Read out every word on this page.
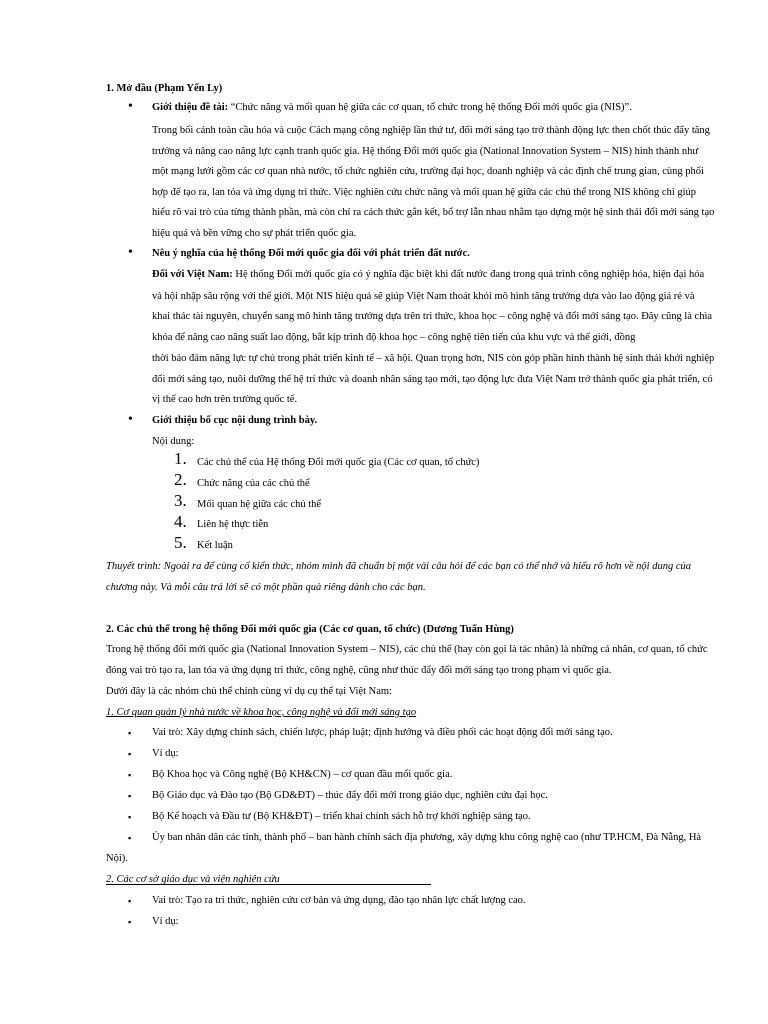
1. Mở đầu (Phạm Yến Ly)
• Giới thiệu đề tài: “Chức năng và mối quan hệ giữa các cơ quan, tổ chức trong hệ thống Đổi mới quốc gia (NIS)”.
Trong bối cảnh toàn cầu hóa và cuộc Cách mạng công nghiệp lần thứ tư, đổi mới sáng tạo trở thành động lực then chốt thúc đẩy tăng
trưởng và nâng cao năng lực cạnh tranh quốc gia. Hệ thống Đổi mới quốc gia (National Innovation System – NIS) hình thành như
một mạng lưới gồm các cơ quan nhà nước, tổ chức nghiên cứu, trường đại học, doanh nghiệp và các định chế trung gian, cùng phối
hợp để tạo ra, lan tỏa và ứng dụng tri thức. Việc nghiên cứu chức năng và mối quan hệ giữa các chủ thể trong NIS không chỉ giúp
hiểu rõ vai trò của từng thành phần, mà còn chỉ ra cách thức gắn kết, bổ trợ lẫn nhau nhằm tạo dựng một hệ sinh thái đổi mới sáng tạo
hiệu quả và bền vững cho sự phát triển quốc gia.
• Nêu ý nghĩa của hệ thống Đổi mới quốc gia đối với phát triển đất nước.
Đối với Việt Nam: Hệ thống Đổi mới quốc gia có ý nghĩa đặc biệt khi đất nước đang trong quá trình công nghiệp hóa, hiện đại hóa
và hội nhập sâu rộng với thế giới. Một NIS hiệu quả sẽ giúp Việt Nam thoát khỏi mô hình tăng trưởng dựa vào lao động giá rẻ và
khai thác tài nguyên, chuyển sang mô hình tăng trưởng dựa trên tri thức, khoa học – công nghệ và đổi mới sáng tạo. Đây cũng là chìa
khóa để nâng cao năng suất lao động, bắt kịp trình độ khoa học – công nghệ tiên tiến của khu vực và thế giới, đồng
thời bảo đảm năng lực tự chủ trong phát triển kinh tế – xã hội. Quan trọng hơn, NIS còn góp phần hình thành hệ sinh thái khởi nghiệp
đổi mới sáng tạo, nuôi dưỡng thế hệ trí thức và doanh nhân sáng tạo mới, tạo động lực đưa Việt Nam trở thành quốc gia phát triển, có
vị thế cao hơn trên trường quốc tế.
• Giới thiệu bố cục nội dung trình bày.
Nội dung:
1. Các chủ thể của Hệ thống Đổi mới quốc gia (Các cơ quan, tổ chức)
2. Chức năng của các chủ thể
3. Mối quan hệ giữa các chủ thể
4. Liên hệ thực tiễn
5. Kết luận
Thuyết trình: Ngoài ra để cùng cố kiến thức, nhóm mình đã chuẩn bị một vài câu hỏi để các bạn có thể nhớ và hiểu rõ hơn về nội dung của
chương này. Và mỗi câu trả lời sẽ có một phần quà riêng dành cho các bạn.
2. Các chủ thể trong hệ thống Đổi mới quốc gia (Các cơ quan, tổ chức) (Dương Tuấn Hùng)
Trong hệ thống đổi mới quốc gia (National Innovation System – NIS), các chủ thể (hay còn gọi là tác nhân) là những cá nhân, cơ quan, tổ chức
đóng vai trò tạo ra, lan tỏa và ứng dụng tri thức, công nghệ, cũng như thúc đẩy đổi mới sáng tạo trong phạm vi quốc gia.
Dưới đây là các nhóm chủ thể chính cùng ví dụ cụ thể tại Việt Nam:
1. Cơ quan quản lý nhà nước về khoa học, công nghệ và đổi mới sáng tạo
▪ Vai trò: Xây dựng chính sách, chiến lược, pháp luật; định hướng và điều phối các hoạt động đổi mới sáng tạo.
▪ Ví dụ:
▪ Bộ Khoa học và Công nghệ (Bộ KH&CN) – cơ quan đầu mối quốc gia.
▪ Bộ Giáo dục và Đào tạo (Bộ GD&ĐT) – thúc đẩy đổi mới trong giáo dục, nghiên cứu đại học.
▪ Bộ Kế hoạch và Đầu tư (Bộ KH&ĐT) – triển khai chính sách hỗ trợ khởi nghiệp sáng tạo.
▪ Ủy ban nhân dân các tỉnh, thành phố – ban hành chính sách địa phương, xây dựng khu công nghệ cao (như TP.HCM, Đà Nẵng, Hà
Nội).
2. Các cơ sở giáo dục và viện nghiên cứu
▪ Vai trò: Tạo ra tri thức, nghiên cứu cơ bản và ứng dụng, đào tạo nhân lực chất lượng cao.
▪ Ví dụ:
